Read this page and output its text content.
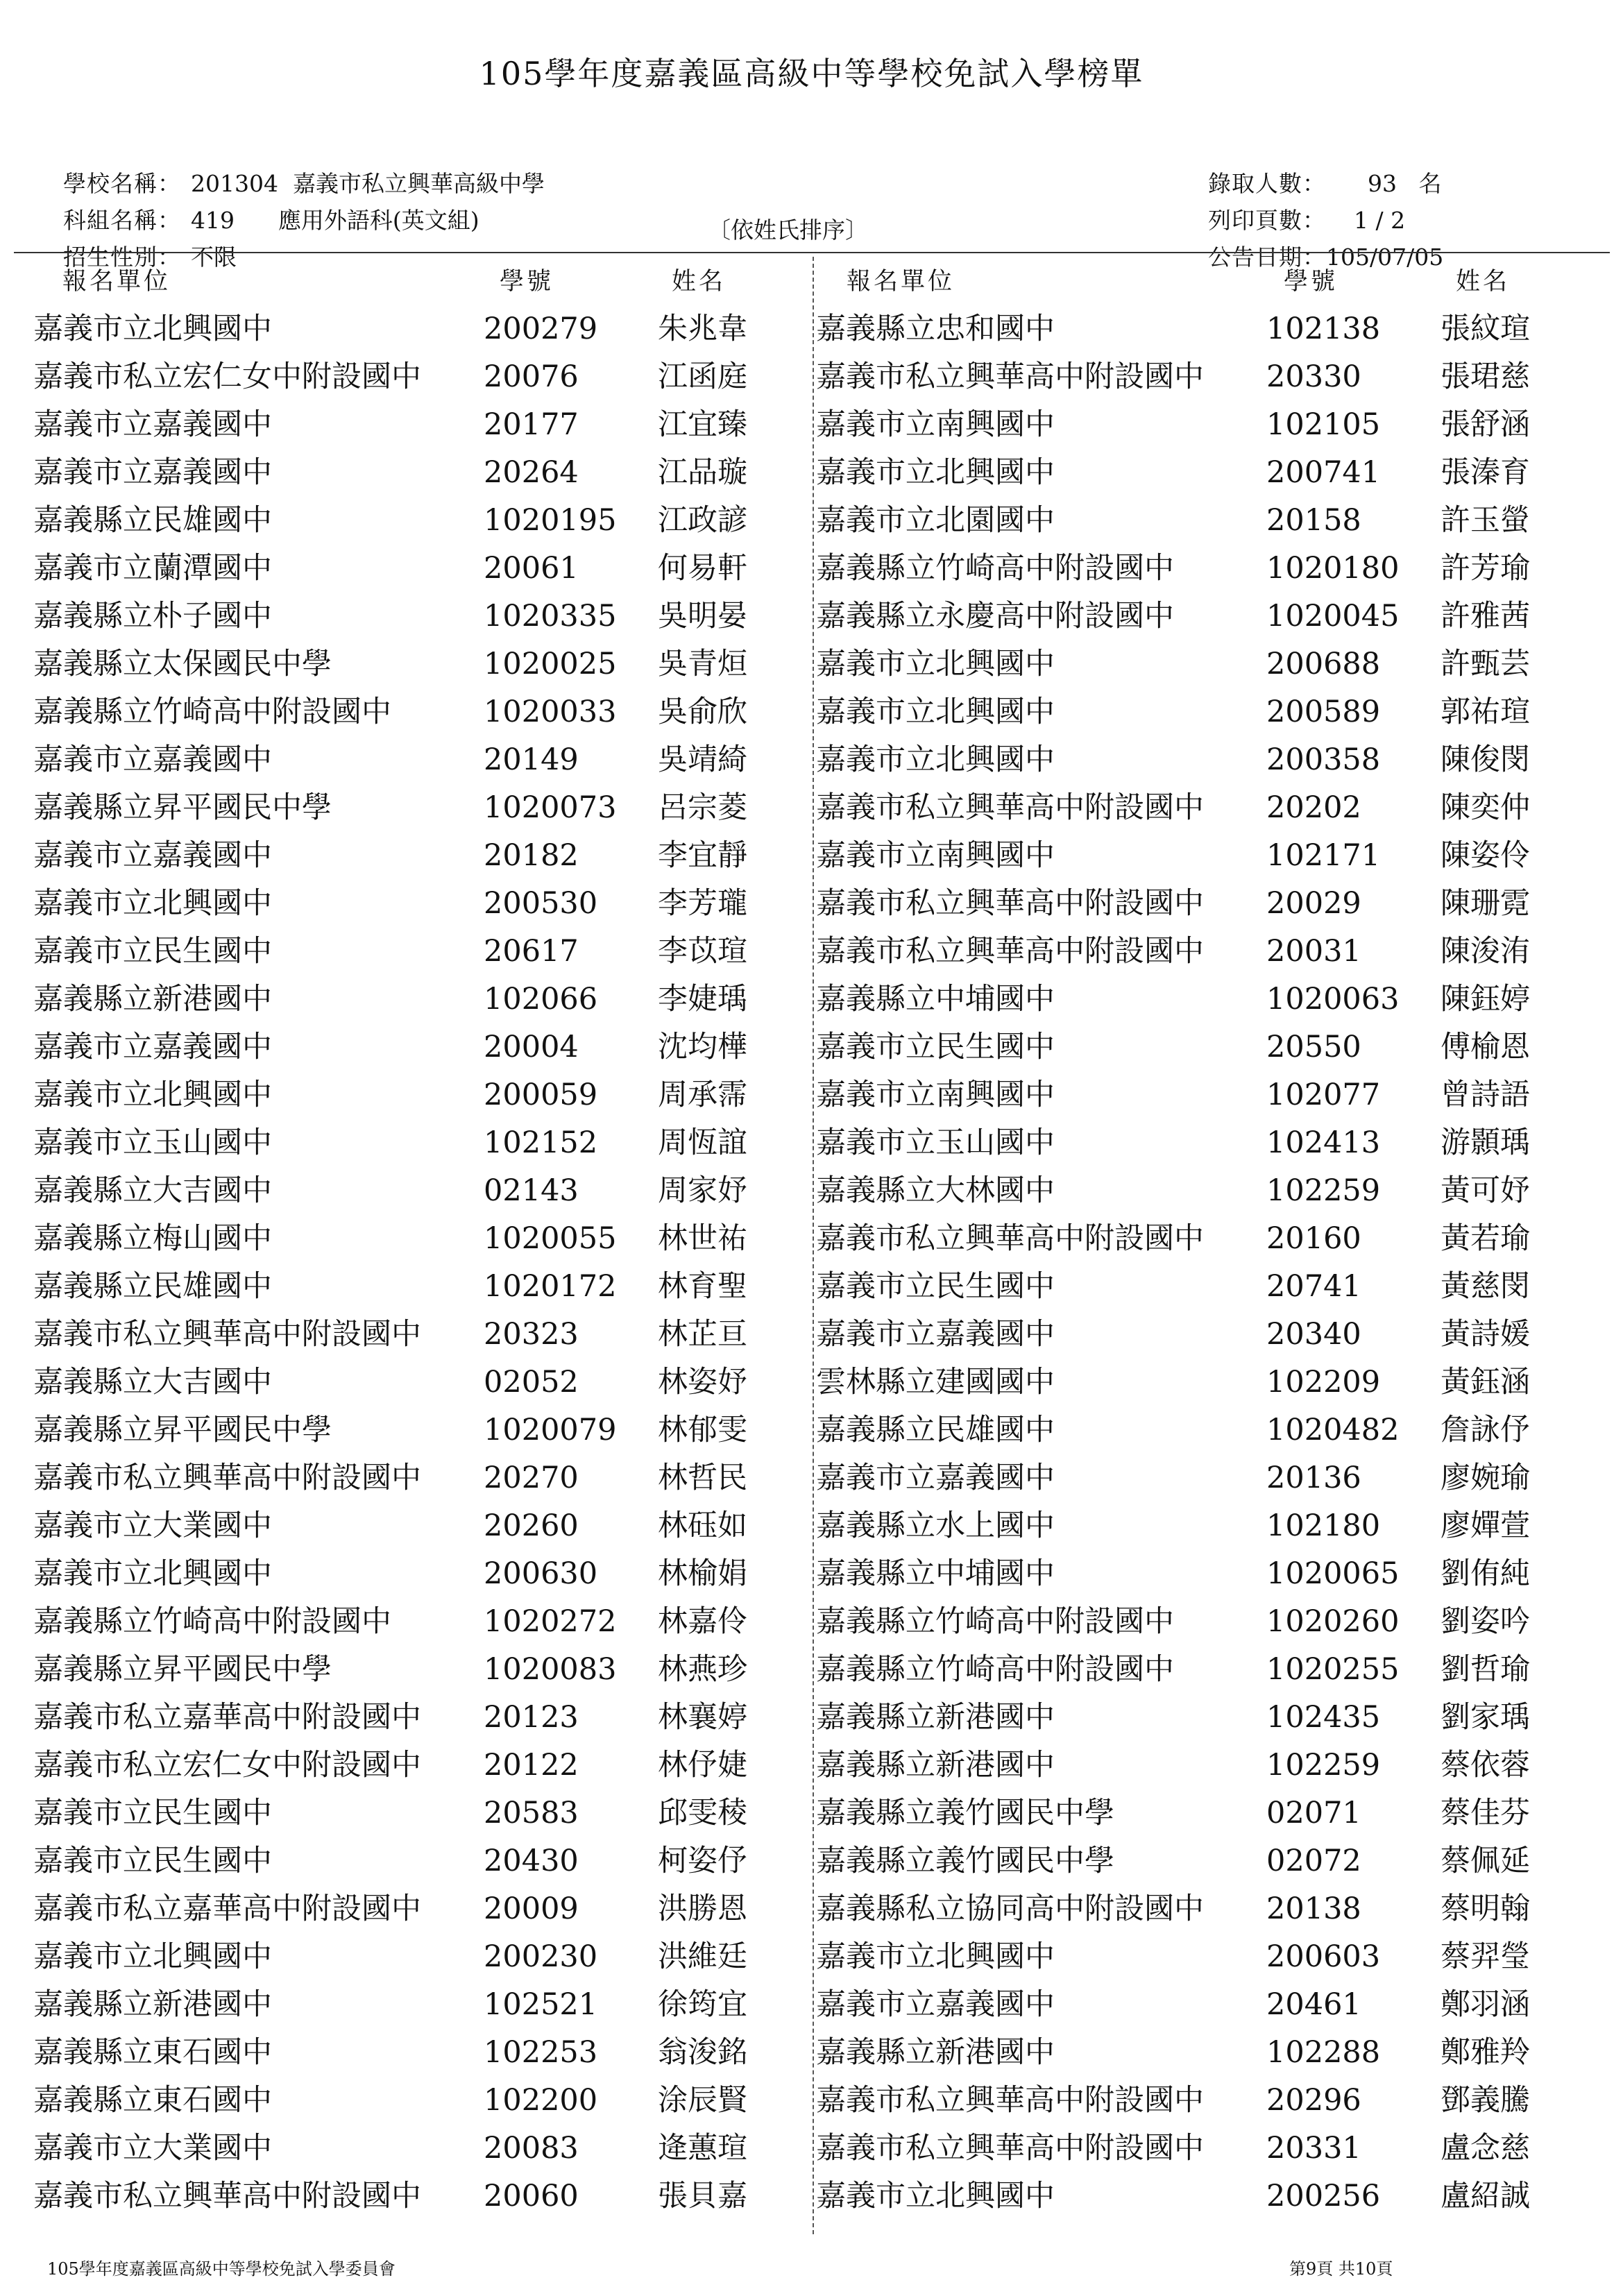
105學年度嘉義區高級中等學校免試入學榜單

學校名稱： 201304  嘉義市私立興華高級中學

科組名稱： 419      應用外語科(英文組)

招生性別： 不限

〔依姓氏排序〕

錄取人數： 93   名

列印頁數： 1 / 2

公告日期：105/07/05

報名單位	學號	姓名	報名單位	學號	姓名
嘉義市立北興國中	200279 朱兆韋
嘉義市私立宏仁女中附設國中 20076	江函庭
嘉義市立嘉義國中	20177	江宜臻
嘉義市立嘉義國中	20264	江品璇
嘉義縣立民雄國中	1020195 江政諺
嘉義市立蘭潭國中	20061	何易軒
嘉義縣立朴子國中	1020335 吳明晏
嘉義縣立太保國民中學	1020025 吳青烜
嘉義縣立竹崎高中附設國中	1020033 吳俞欣
嘉義市立嘉義國中	20149	吳靖綺
嘉義縣立昇平國民中學	1020073 呂宗菱
嘉義市立嘉義國中	20182	李宜靜
嘉義市立北興國中	200530 李芳瓏
嘉義市立民生國中	20617	李苡瑄
嘉義縣立新港國中	102066 李婕瑀
嘉義市立嘉義國中	20004	沈均樺
嘉義市立北興國中	200059 周承霈
嘉義市立玉山國中	102152 周恆誼
嘉義縣立大吉國中	02143	周家妤
嘉義縣立梅山國中	1020055 林世祐
嘉義縣立民雄國中	1020172 林育聖
嘉義市私立興華高中附設國中 20323	林芷亘
嘉義縣立大吉國中	02052	林姿妤
嘉義縣立昇平國民中學	1020079 林郁雯
嘉義市私立興華高中附設國中 20270	林哲民
嘉義市立大業國中	20260	林砡如
嘉義市立北興國中	200630 林榆娟
嘉義縣立竹崎高中附設國中	1020272 林嘉伶
嘉義縣立昇平國民中學	1020083 林燕珍
嘉義市私立嘉華高中附設國中 20123	林襄婷
嘉義市私立宏仁女中附設國中 20122	林伃婕
嘉義市立民生國中	20583	邱雯稜
嘉義市立民生國中	20430	柯姿伃
嘉義市私立嘉華高中附設國中 20009	洪勝恩
嘉義市立北興國中	200230 洪維廷
嘉義縣立新港國中	102521 徐筠宜
嘉義縣立東石國中	102253 翁浚銘
嘉義縣立東石國中	102200 涂辰賢
嘉義市立大業國中	20083	逄蕙瑄
嘉義市私立興華高中附設國中 20060	張貝嘉
嘉義縣立忠和國中	102138 張紋瑄
嘉義市私立興華高中附設國中 20330	張珺慈
嘉義市立南興國中	102105 張舒涵
嘉義市立北興國中	200741 張溱育
嘉義市立北園國中	20158	許玉螢
嘉義縣立竹崎高中附設國中	1020180 許芳瑜
嘉義縣立永慶高中附設國中	1020045 許雅茜
嘉義市立北興國中	200688 許甄芸
嘉義市立北興國中	200589 郭祐瑄
嘉義市立北興國中	200358 陳俊閔
嘉義市私立興華高中附設國中 20202	陳奕仲
嘉義市立南興國中	102171 陳姿伶
嘉義市私立興華高中附設國中 20029	陳珊霓
嘉義市私立興華高中附設國中 20031	陳浚洧
嘉義縣立中埔國中	1020063 陳鈺婷
嘉義市立民生國中	20550	傅榆恩
嘉義市立南興國中	102077 曾詩語
嘉義市立玉山國中	102413 游顥瑀
嘉義縣立大林國中	102259 黃可妤
嘉義市私立興華高中附設國中 20160	黃若瑜
嘉義市立民生國中	20741	黃慈閔
嘉義市立嘉義國中	20340	黃詩媛
雲林縣立建國國中	102209 黃鈺涵
嘉義縣立民雄國中	1020482 詹詠伃
嘉義市立嘉義國中	20136	廖婉瑜
嘉義縣立水上國中	102180 廖嬋萱
嘉義縣立中埔國中	1020065 劉侑純
嘉義縣立竹崎高中附設國中	1020260 劉姿吟
嘉義縣立竹崎高中附設國中	1020255 劉哲瑜
嘉義縣立新港國中	102435 劉家瑀
嘉義縣立新港國中	102259 蔡依蓉
嘉義縣立義竹國民中學	02071	蔡佳芬
嘉義縣立義竹國民中學	02072	蔡佩延
嘉義縣私立協同高中附設國中 20138	蔡明翰
嘉義市立北興國中	200603 蔡羿瑩
嘉義市立嘉義國中	20461	鄭羽涵
嘉義縣立新港國中	102288 鄭雅羚
嘉義市私立興華高中附設國中 20296	鄧義騰
嘉義市私立興華高中附設國中 20331	盧念慈
嘉義市立北興國中	200256 盧紹誠
105學年度嘉義區高級中等學校免試入學委員會	第9頁 共10頁
